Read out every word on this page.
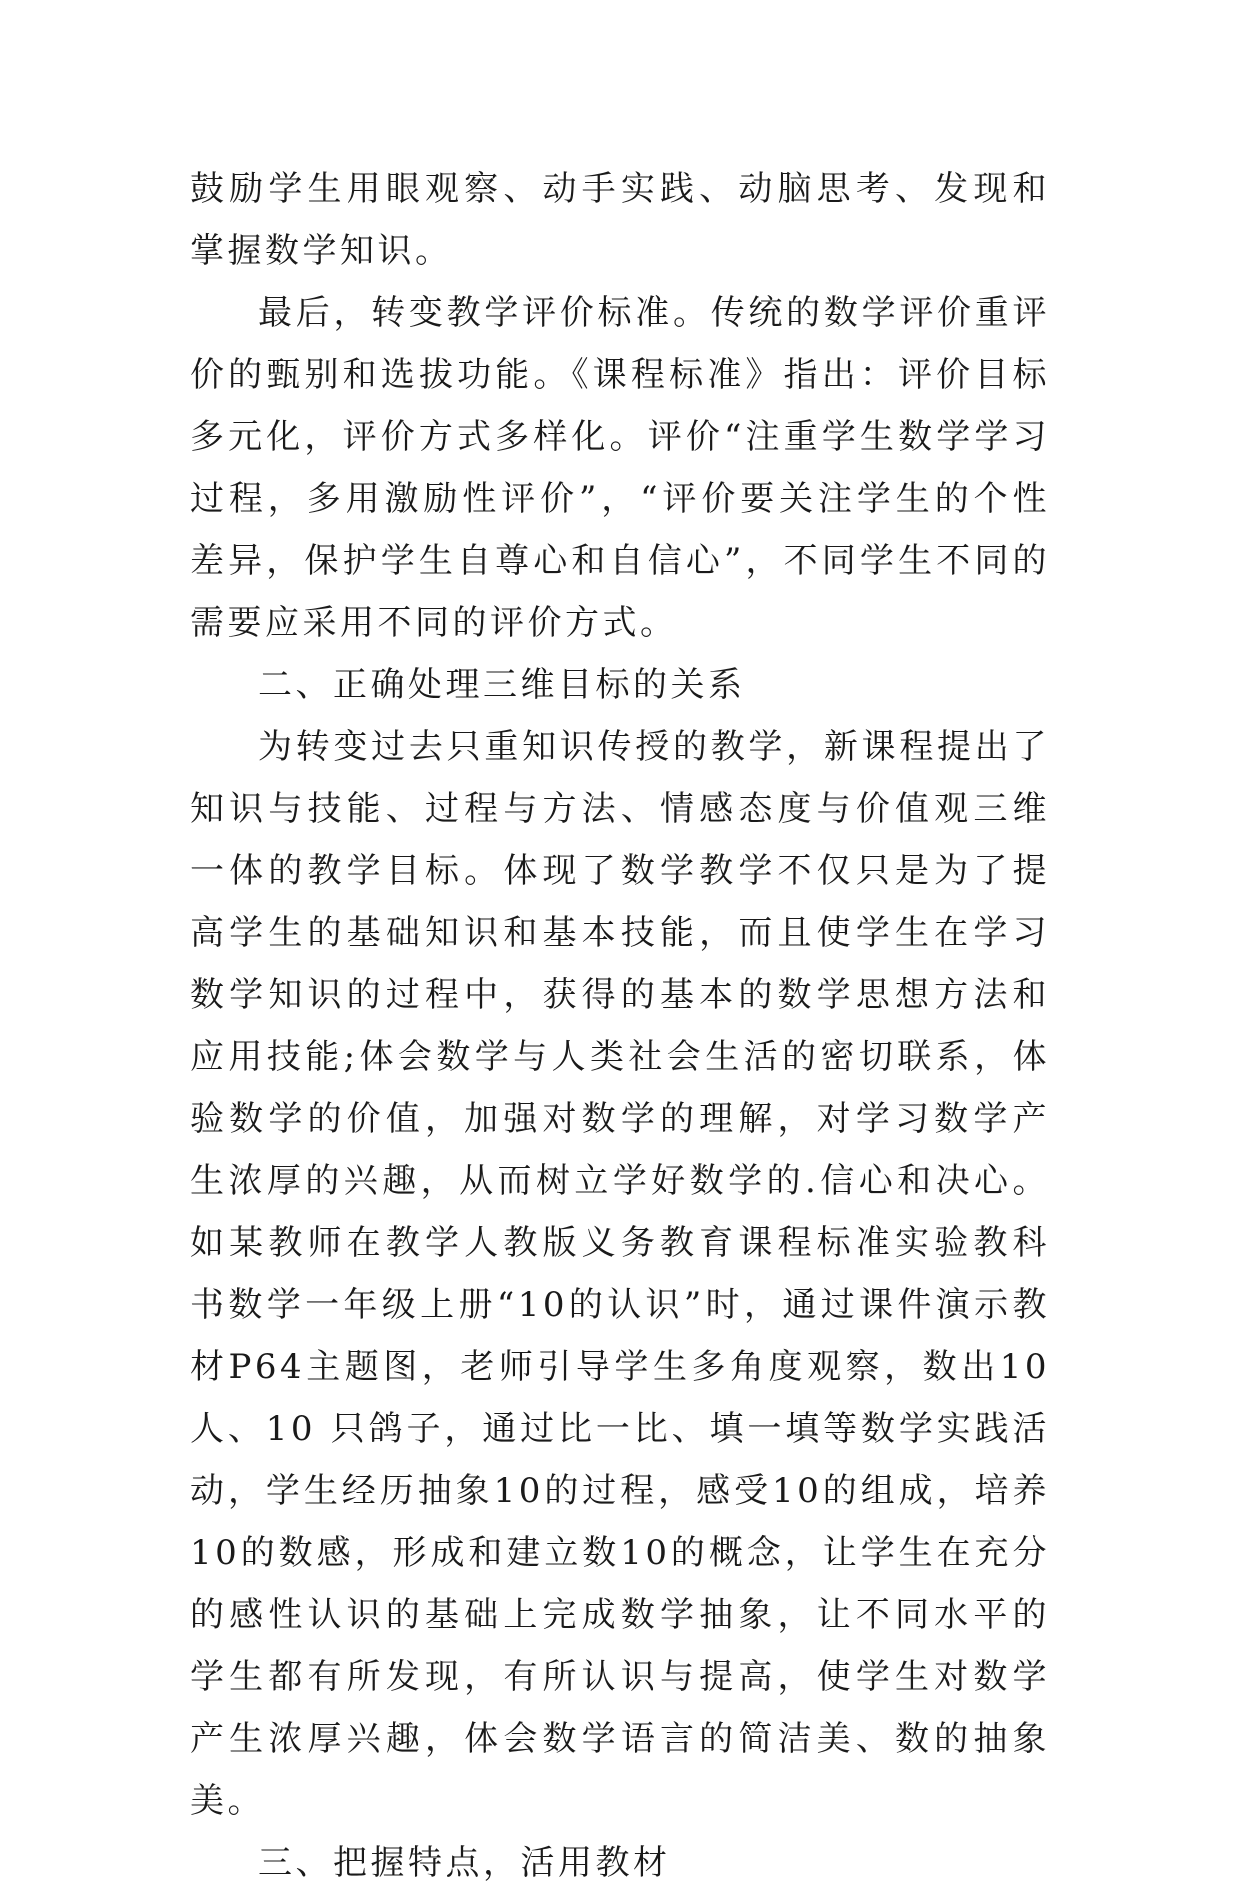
鼓励学生用眼观察、动手实践、动脑思考、发现和掌握数学知识。

最后，转变教学评价标准。传统的数学评价重评价的甄别和选拔功能。《课程标准》指出：评价目标多元化，评价方式多样化。评价“注重学生数学学习过程，多用激励性评价”，“评价要关注学生的个性差异，保护学生自尊心和自信心”，不同学生不同的需要应采用不同的评价方式。

二、正确处理三维目标的关系

为转变过去只重知识传授的教学，新课程提出了知识与技能、过程与方法、情感态度与价值观三维一体的教学目标。体现了数学教学不仅只是为了提高学生的基础知识和基本技能，而且使学生在学习数学知识的过程中，获得的基本的数学思想方法和应用技能;体会数学与人类社会生活的密切联系，体验数学的价值，加强对数学的理解，对学习数学产生浓厚的兴趣，从而树立学好数学的.信心和决心。如某教师在教学人教版义务教育课程标准实验教科书数学一年级上册“10的认识”时，通过课件演示教材P64主题图，老师引导学生多角度观察，数出10人、10 只鸽子，通过比一比、填一填等数学实践活动，学生经历抽象10的过程，感受10的组成，培养10的数感，形成和建立数10的概念，让学生在充分的感性认识的基础上完成数学抽象，让不同水平的学生都有所发现，有所认识与提高，使学生对数学产生浓厚兴趣，体会数学语言的简洁美、数的抽象美。

三、把握特点，活用教材
